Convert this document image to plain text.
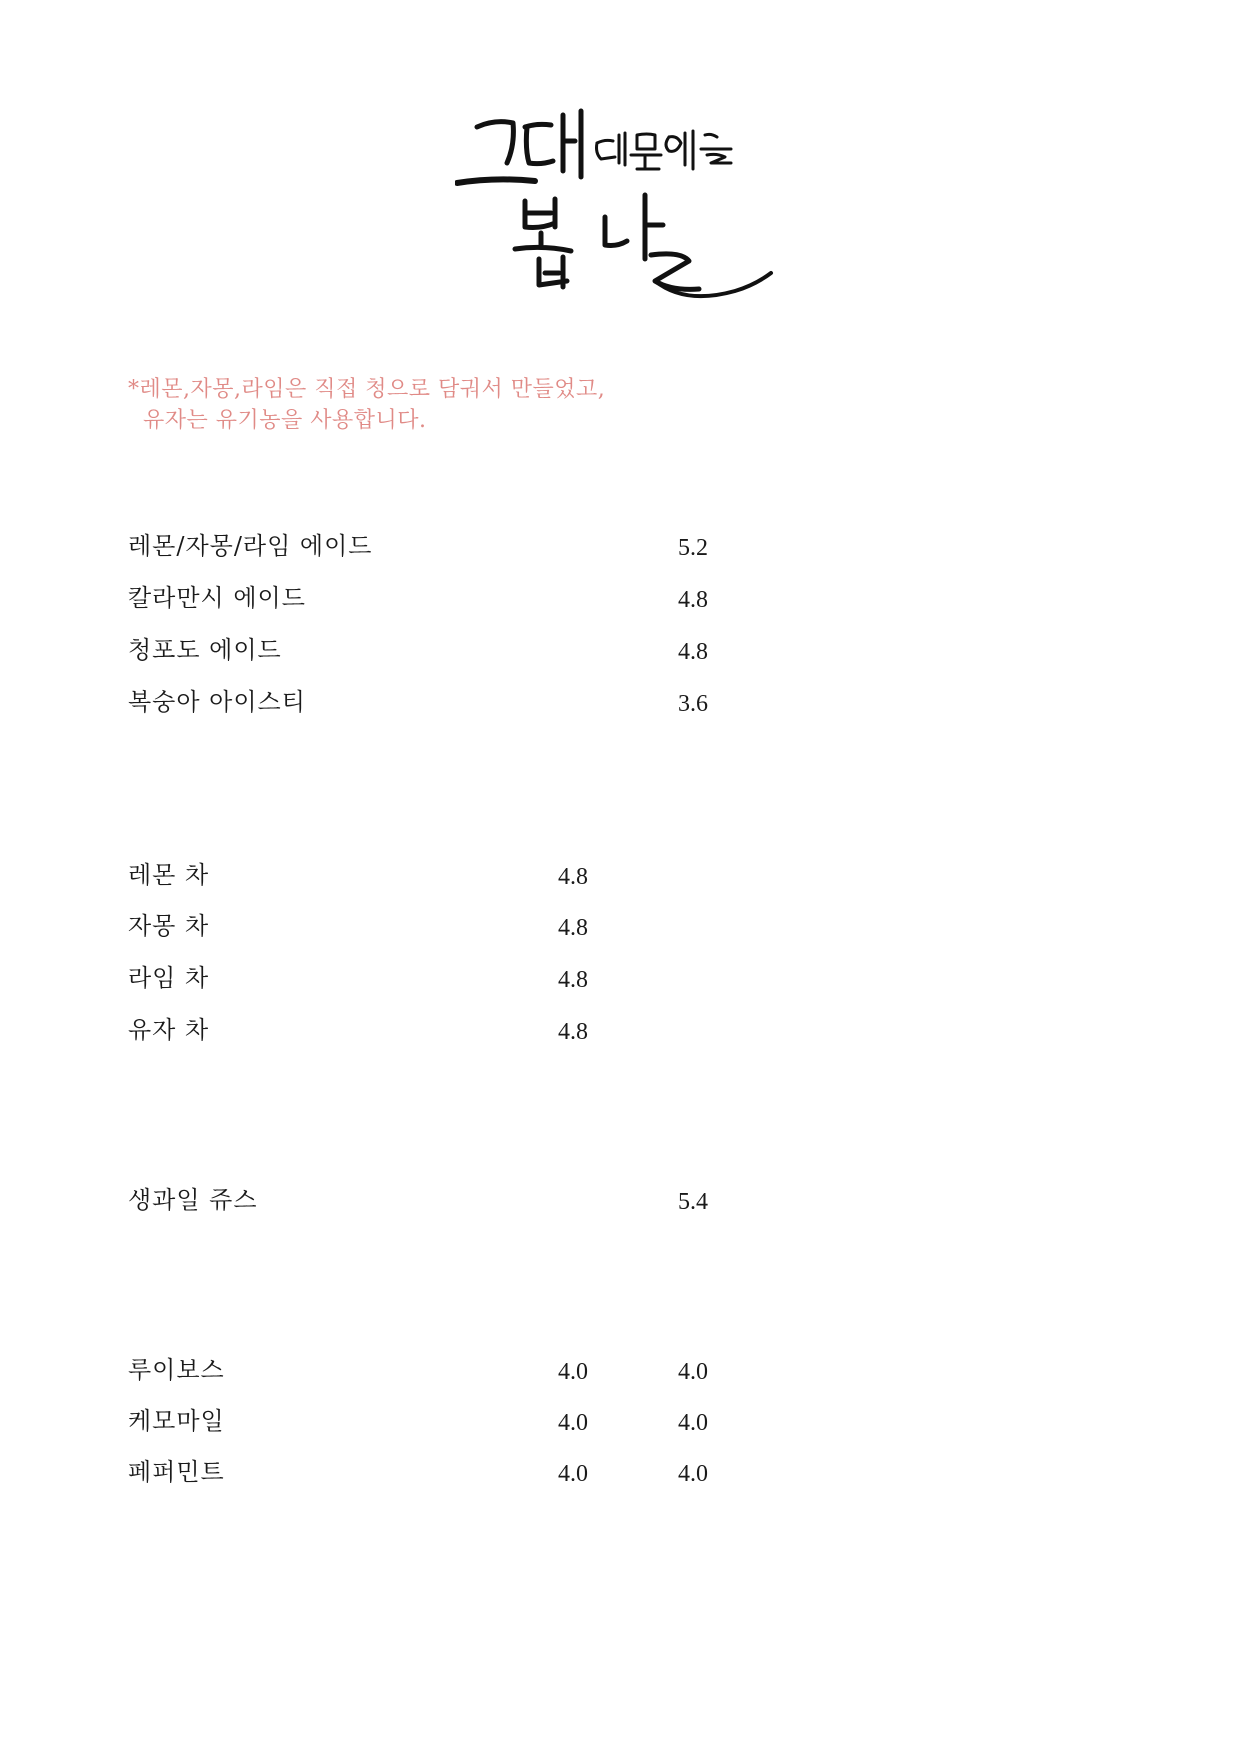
*레몬,자몽,라임은 직접 청으로 담궈서 만들었고,
유자는 유기농을 사용합니다.
레몬/자몽/라임 에이드	5.2
칼라만시 에이드	4.8
청포도 에이드	4.8
복숭아 아이스티	3.6
레몬 차	4.8
자몽 차	4.8
라임 차	4.8
유자 차	4.8
생과일 쥬스	5.4
루이보스	4.0	4.0
케모마일	4.0	4.0
페퍼민트	4.0	4.0
